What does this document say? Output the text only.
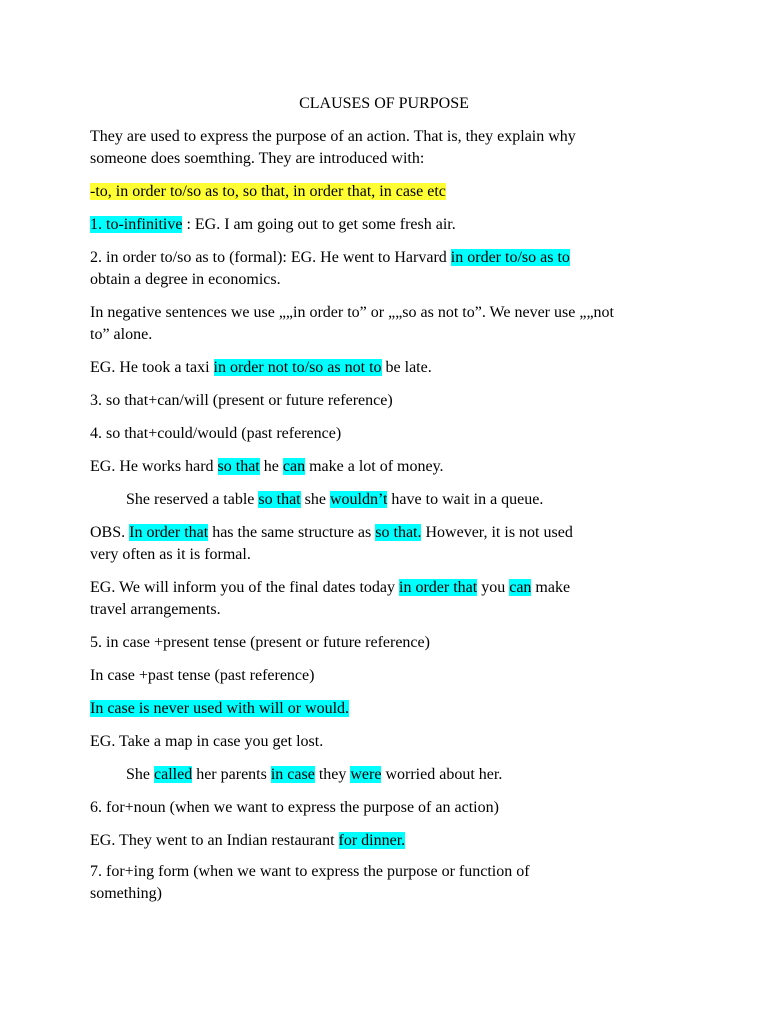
CLAUSES OF PURPOSE
They are used to express the purpose of an action. That is, they explain why
someone does soemthing. They are introduced with:
-to, in order to/so as to, so that, in order that, in case etc
1. to-infinitive : EG. I am going out to get some fresh air.
2. in order to/so as to (formal): EG. He went to Harvard in order to/so as to
obtain a degree in economics.
In negative sentences we use „„in order to” or „„so as not to”. We never use „„not
to” alone.
EG. He took a taxi in order not to/so as not to be late.
3. so that+can/will (present or future reference)
4. so that+could/would (past reference)
EG. He works hard so that he can make a lot of money.
She reserved a table so that she wouldn’t have to wait in a queue.
OBS. In order that has the same structure as so that. However, it is not used
very often as it is formal.
EG. We will inform you of the final dates today in order that you can make
travel arrangements.
5. in case +present tense (present or future reference)
In case +past tense (past reference)
In case is never used with will or would.
EG. Take a map in case you get lost.
She called her parents in case they were worried about her.
6. for+noun (when we want to express the purpose of an action)
EG. They went to an Indian restaurant for dinner.
7. for+ing form (when we want to express the purpose or function of
something)
